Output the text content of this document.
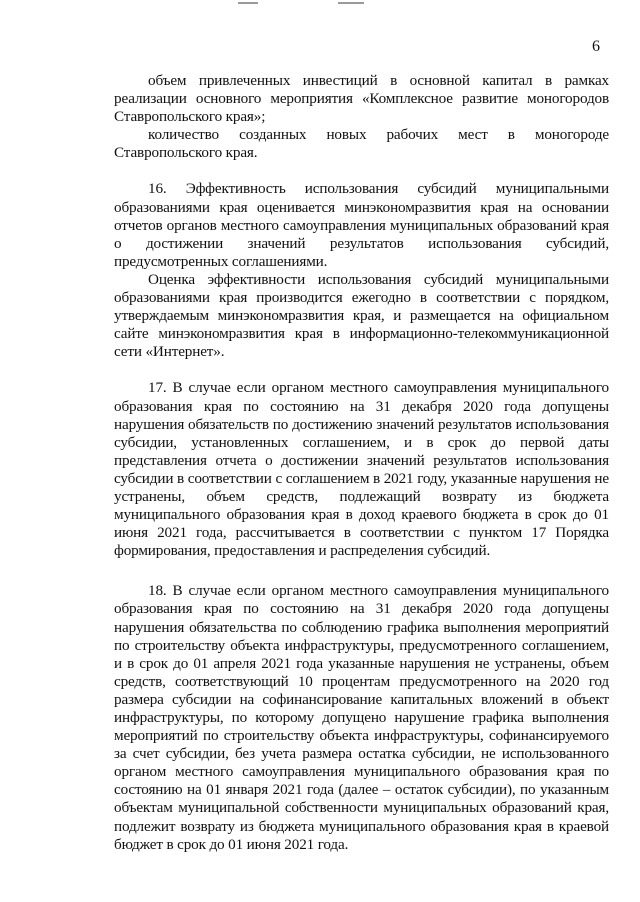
6

объем привлеченных инвестиций в основной капитал в рамках реализации основного мероприятия «Комплексное развитие моногородов Ставропольского края»;

количество созданных новых рабочих мест в моногороде Ставропольского края.

16. Эффективность использования субсидий муниципальными образованиями края оценивается минэкономразвития края на основании отчетов органов местного самоуправления муниципальных образований края о достижении значений результатов использования субсидий, предусмотренных соглашениями.

Оценка эффективности использования субсидий муниципальными образованиями края производится ежегодно в соответствии с порядком, утверждаемым минэкономразвития края, и размещается на официальном сайте минэкономразвития края в информационно-телекоммуникационной сети «Интернет».

17. В случае если органом местного самоуправления муниципального образования края по состоянию на 31 декабря 2020 года допущены нарушения обязательств по достижению значений результатов использования субсидии, установленных соглашением, и в срок до первой даты представления отчета о достижении значений результатов использования субсидии в соответствии с соглашением в 2021 году, указанные нарушения не устранены, объем средств, подлежащий возврату из бюджета муниципального образования края в доход краевого бюджета в срок до 01 июня 2021 года, рассчитывается в соответствии с пунктом 17 Порядка формирования, предоставления и распределения субсидий.

18. В случае если органом местного самоуправления муниципального образования края по состоянию на 31 декабря 2020 года допущены нарушения обязательства по соблюдению графика выполнения мероприятий по строительству объекта инфраструктуры, предусмотренного соглашением, и в срок до 01 апреля 2021 года указанные нарушения не устранены, объем средств, соответствующий 10 процентам предусмотренного на 2020 год размера субсидии на софинансирование капитальных вложений в объект инфраструктуры, по которому допущено нарушение графика выполнения мероприятий по строительству объекта инфраструктуры, софинансируемого за счет субсидии, без учета размера остатка субсидии, не использованного органом местного самоуправления муниципального образования края по состоянию на 01 января 2021 года (далее – остаток субсидии), по указанным объектам муниципальной собственности муниципальных образований края, подлежит возврату из бюджета муниципального образования края в краевой бюджет в срок до 01 июня 2021 года.
